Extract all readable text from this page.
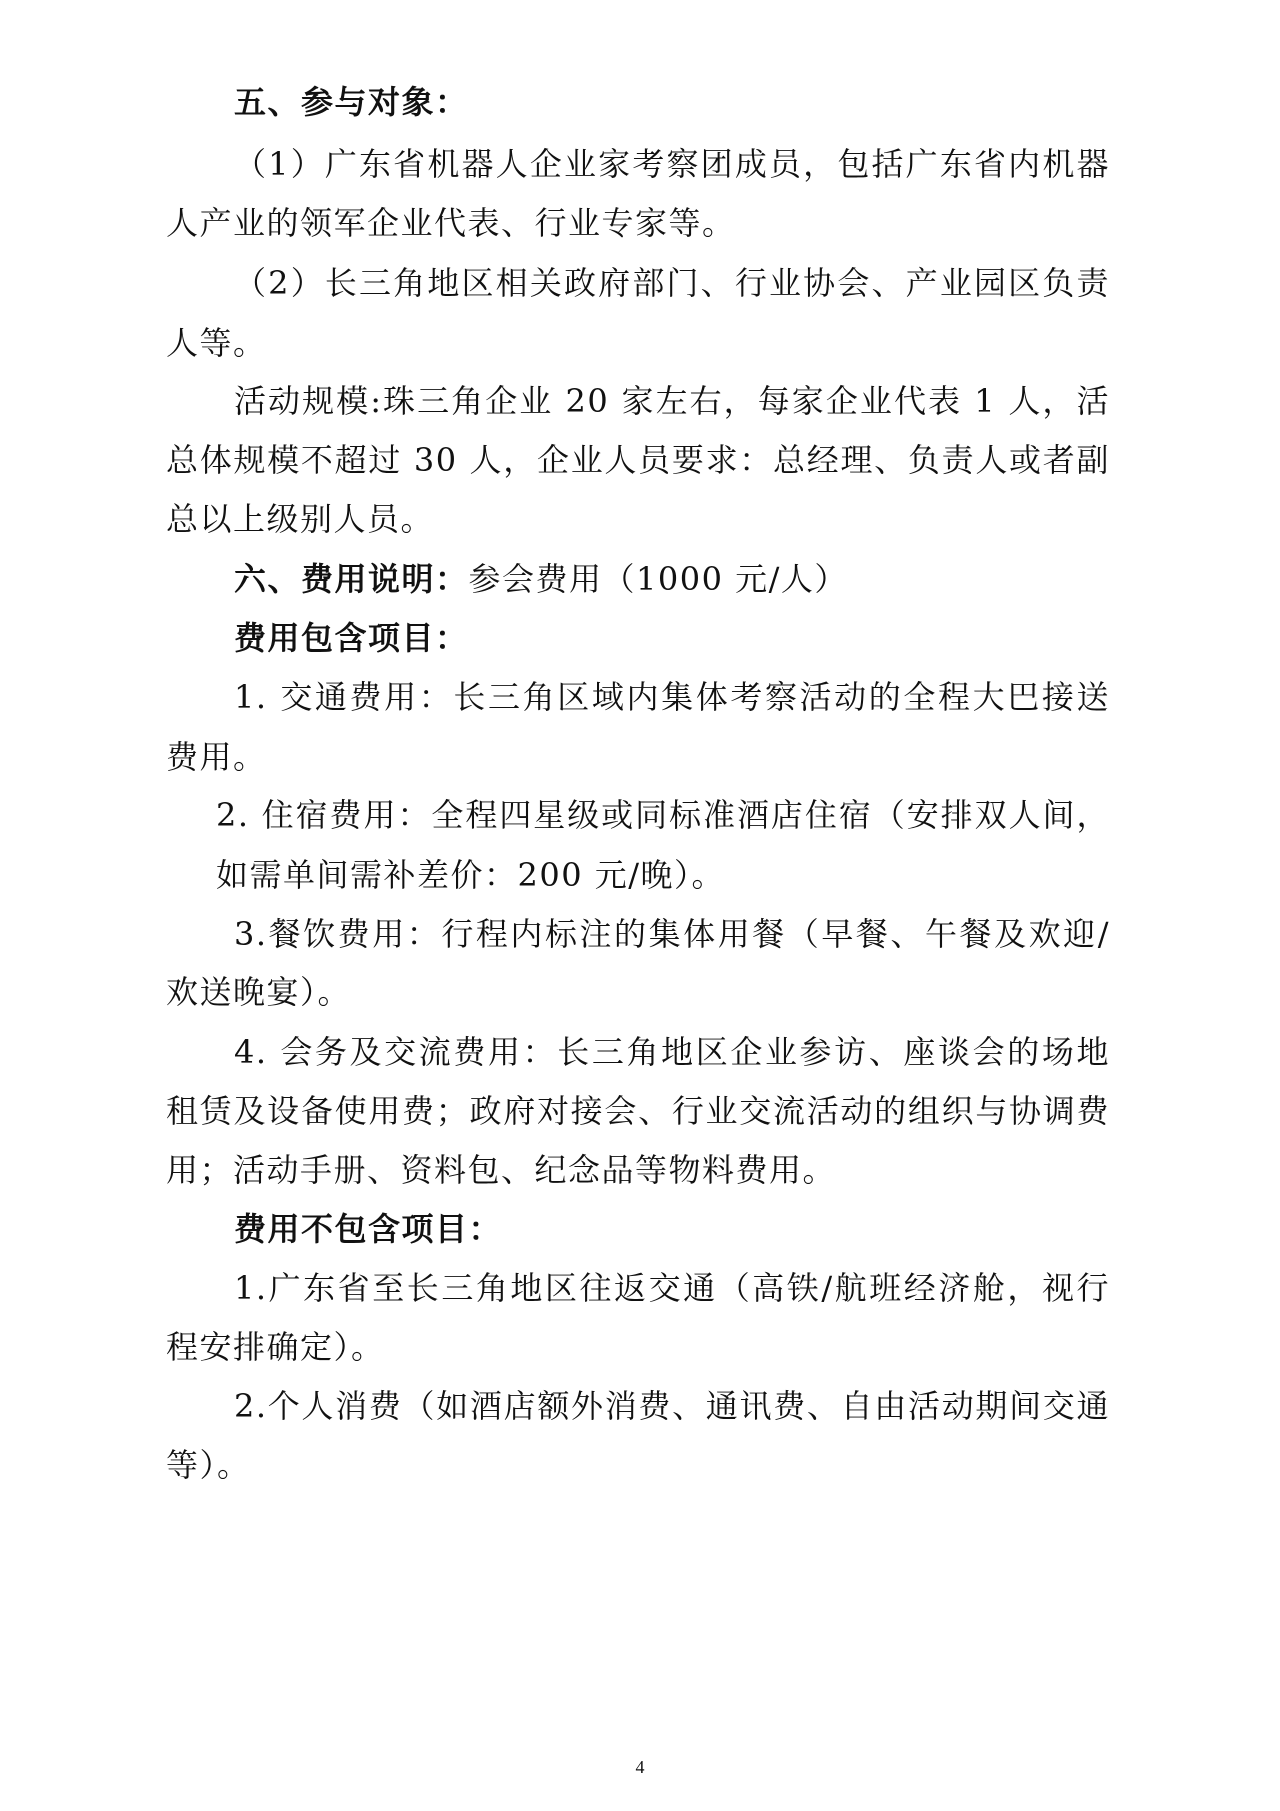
五、参与对象：
（1）广东省机器人企业家考察团成员，包括广东省内机器
人产业的领军企业代表、行业专家等。
（2）长三角地区相关政府部门、行业协会、产业园区负责
人等。
活动规模:珠三角企业 20 家左右，每家企业代表 1 人，活
总体规模不超过 30 人，企业人员要求：总经理、负责人或者副
总以上级别人员。
六、费用说明：参会费用（1000 元/人）
费用包含项目：
1. 交通费用：长三角区域内集体考察活动的全程大巴接送
费用。
2. 住宿费用：全程四星级或同标准酒店住宿（安排双人间，
如需单间需补差价：200 元/晚）。
3.餐饮费用：行程内标注的集体用餐（早餐、午餐及欢迎/
欢送晚宴）。
4. 会务及交流费用：长三角地区企业参访、座谈会的场地
租赁及设备使用费；政府对接会、行业交流活动的组织与协调费
用；活动手册、资料包、纪念品等物料费用。
费用不包含项目：
1.广东省至长三角地区往返交通（高铁/航班经济舱，视行
程安排确定）。
2.个人消费（如酒店额外消费、通讯费、自由活动期间交通
等）。
4
